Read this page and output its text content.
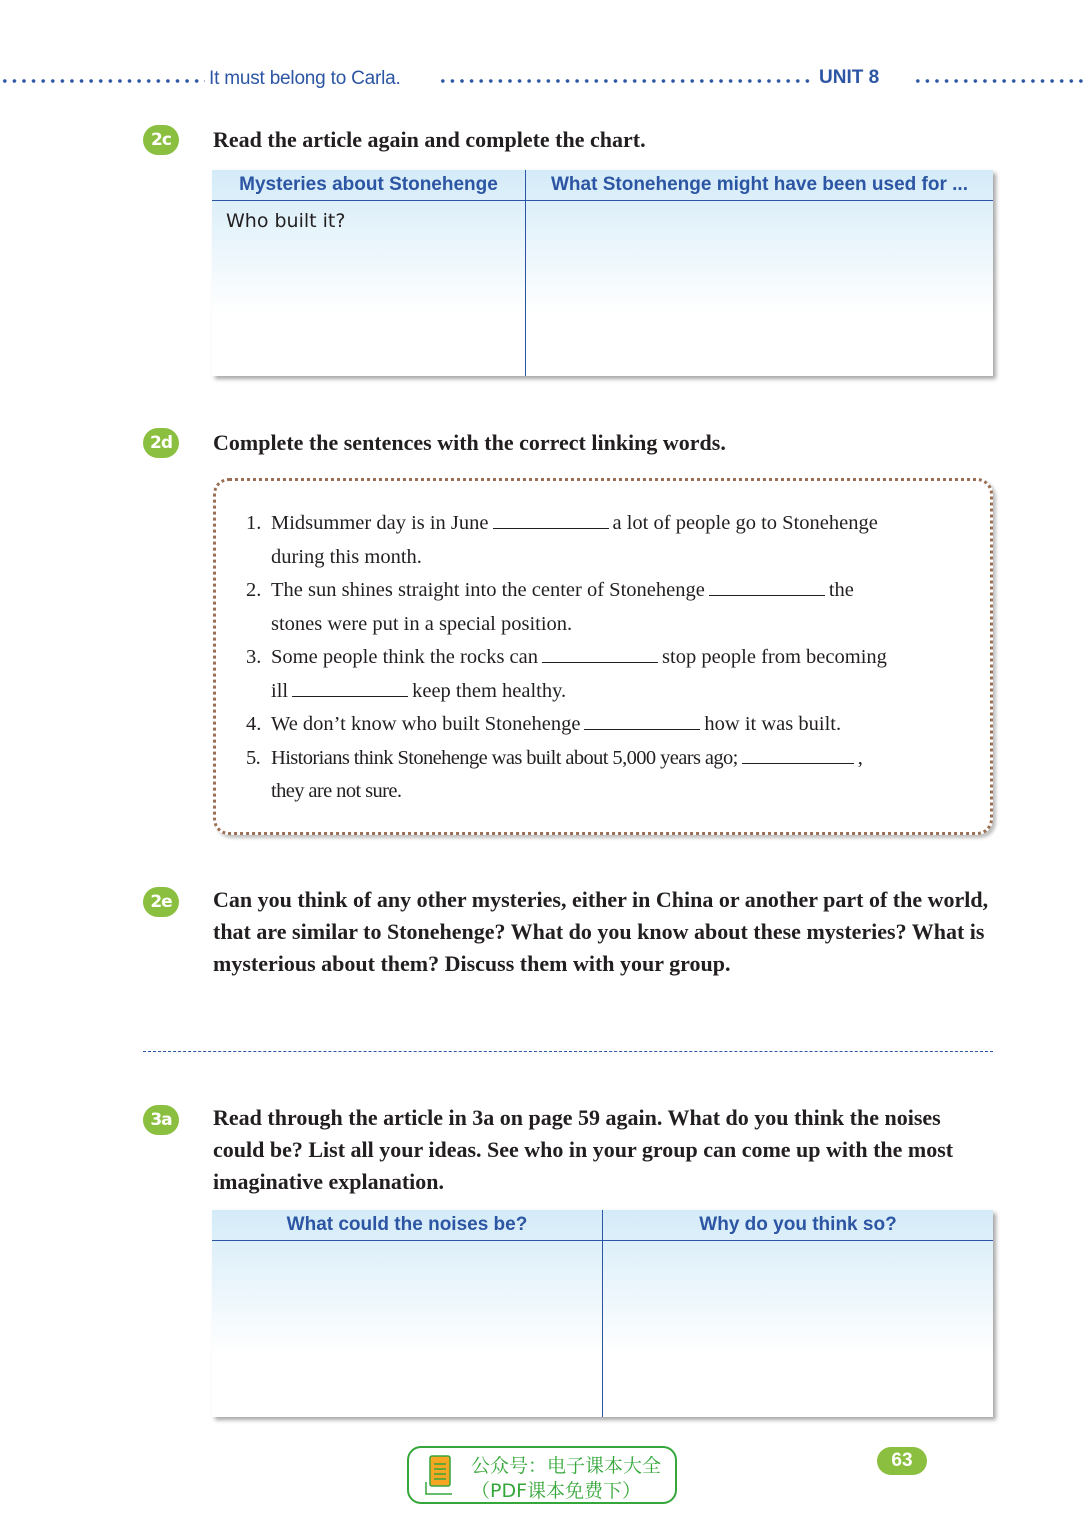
It must belong to Carla.	UNIT 8
2c	Read the article again and complete the chart.
Mysteries about Stonehenge	What Stonehenge might have been used for ...
Who built it?
2d	Complete the sentences with the correct linking words.
1. Midsummer day is in June	a lot of people go to Stonehenge
during this month.
2. The sun shines straight into the center of Stonehenge	the
stones were put in a special position.
3. Some people think the rocks can	stop people from becoming
ill	keep them healthy.
4. We don’t know who built Stonehenge	how it was built.
5. Historians think Stonehenge was built about 5,000 years ago;	,
they are not sure.
2e	Can you think of any other mysteries, either in China or another part of the world, that are similar to Stonehenge? What do you know about these mysteries? What is mysterious about them? Discuss them with your group.
3a	Read through the article in 3a on page 59 again. What do you think the noises could be? List all your ideas. See who in your group can come up with the most imaginative explanation.
What could the noises be?	Why do you think so?
公众号：电子课本大全
（PDF课本免费下）
63
